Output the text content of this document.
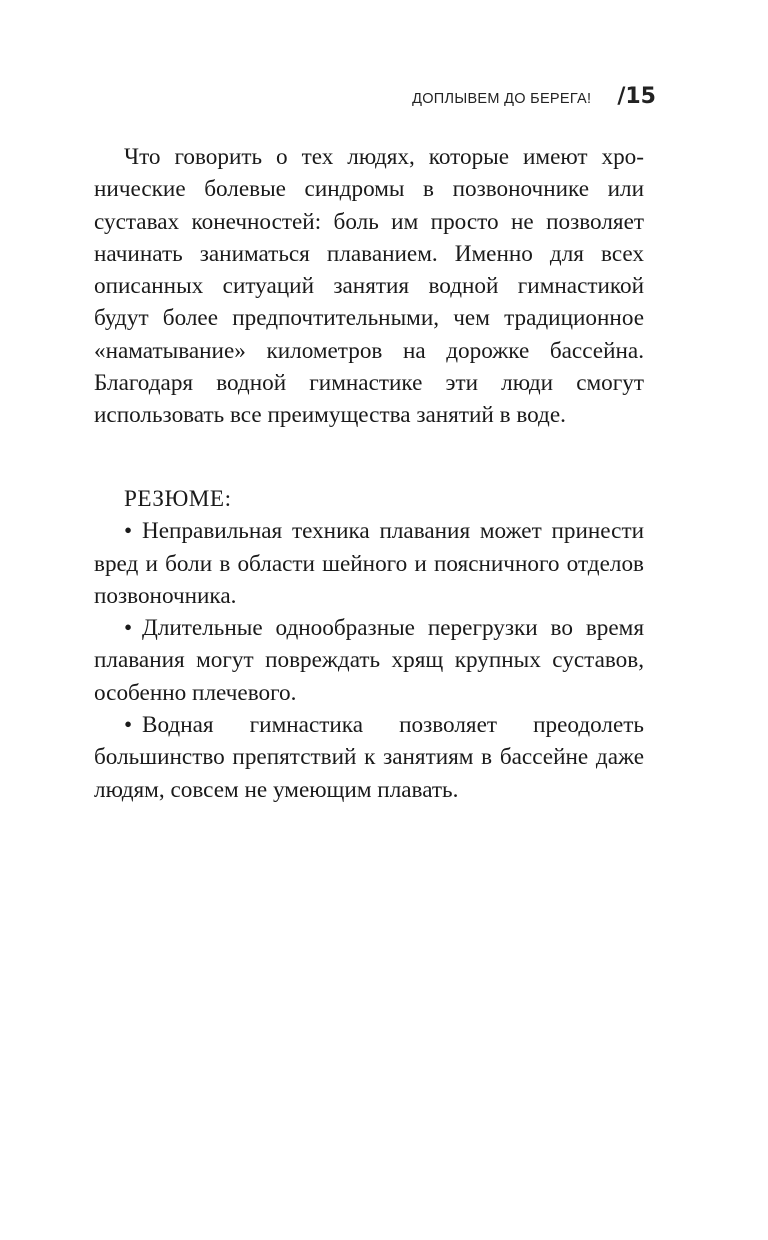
ДОПЛЫВЕМ ДО БЕРЕГА! /15

Что говорить о тех людях, которые имеют хронические болевые синдромы в позвоночнике или суставах конечностей: боль им просто не позволяет начинать заниматься плаванием. Именно для всех описанных ситуаций занятия водной гимнастикой будут более предпочтительными, чем традиционное «наматывание» километров на дорожке бассейна. Благодаря водной гимнастике эти люди смогут использовать все преимущества занятий в воде.

РЕЗЮМЕ:

• Неправильная техника плавания может принести вред и боли в области шейного и поясничного отделов позвоночника.

• Длительные однообразные перегрузки во время плавания могут повреждать хрящ крупных суставов, особенно плечевого.

• Водная гимнастика позволяет преодолеть большинство препятствий к занятиям в бассейне даже людям, совсем не умеющим плавать.
